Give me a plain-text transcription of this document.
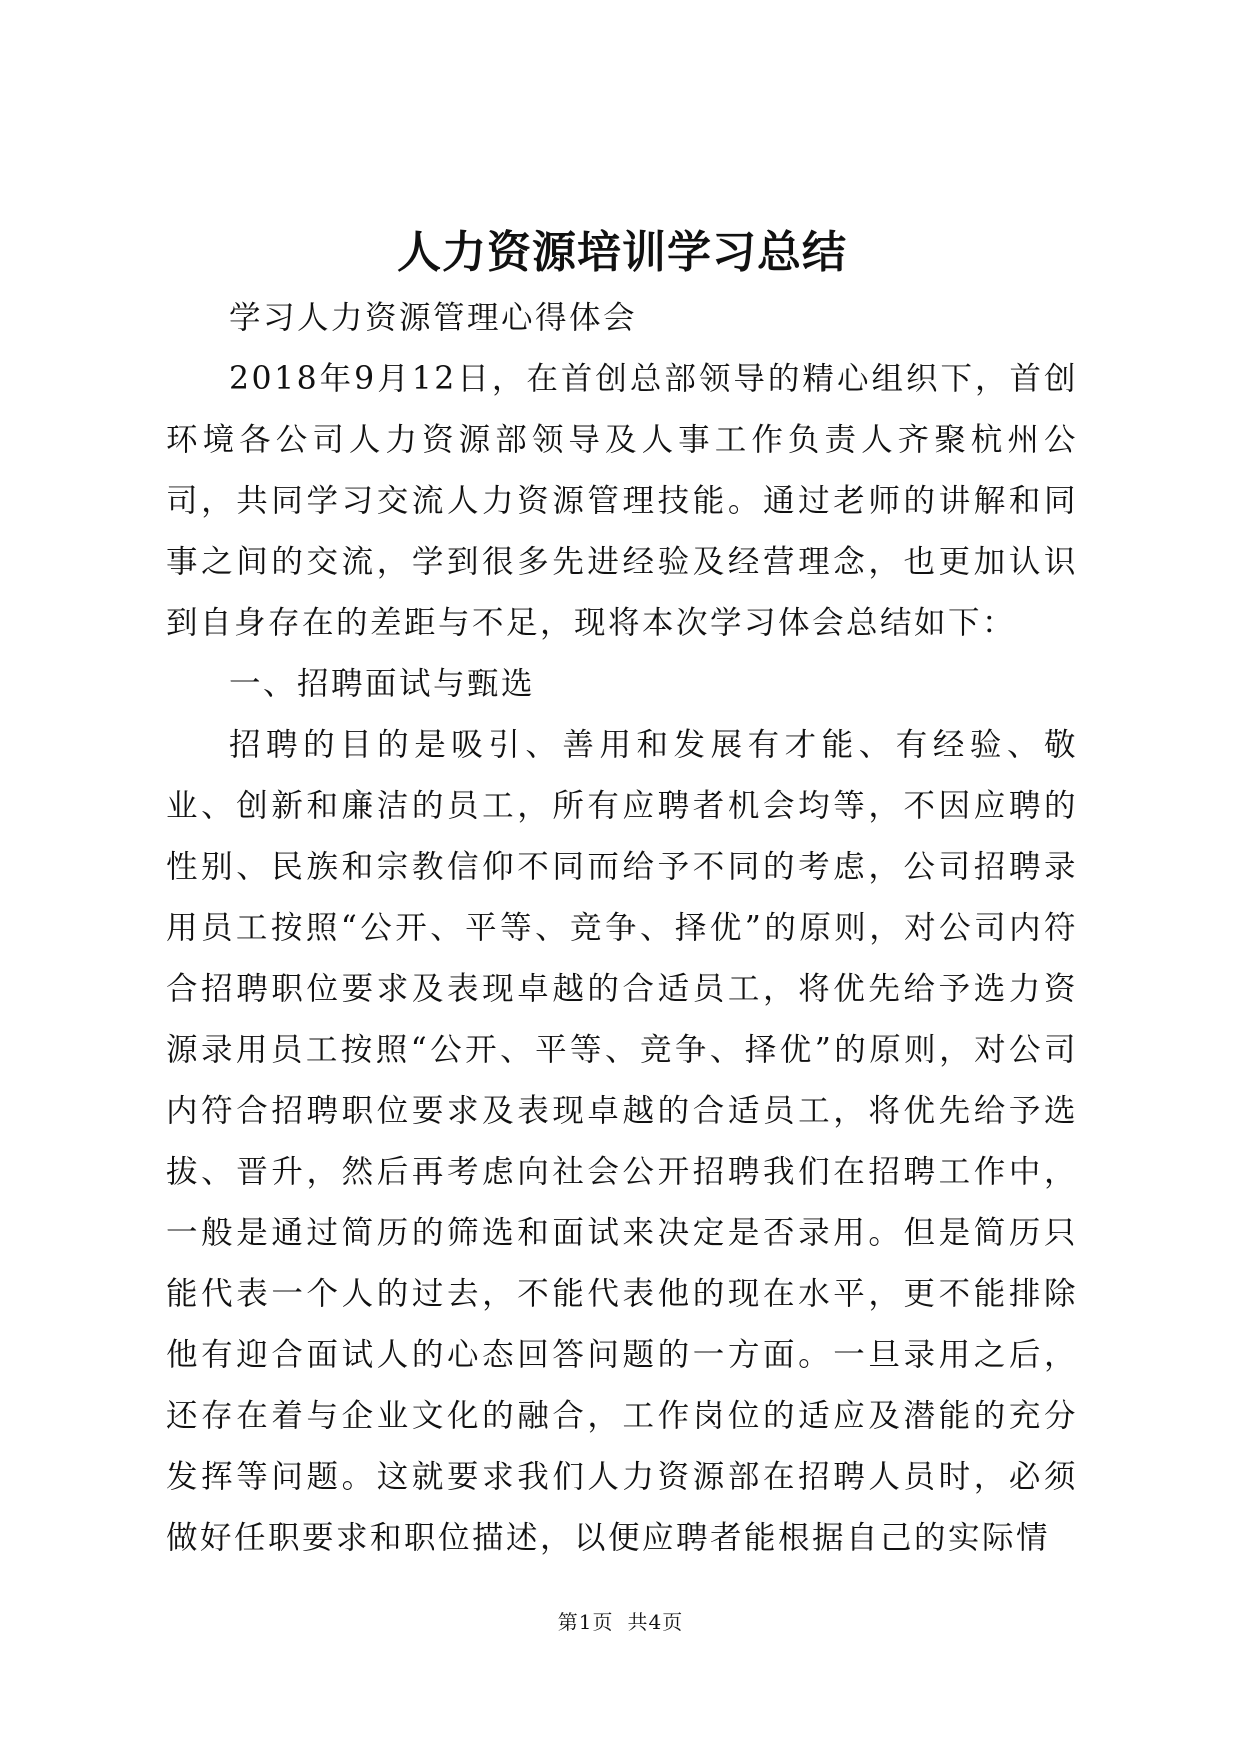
人力资源培训学习总结

学习人力资源管理心得体会

2018年9月12日，在首创总部领导的精心组织下，首创环境各公司人力资源部领导及人事工作负责人齐聚杭州公司，共同学习交流人力资源管理技能。通过老师的讲解和同事之间的交流，学到很多先进经验及经营理念，也更加认识到自身存在的差距与不足，现将本次学习体会总结如下：

一、招聘面试与甄选

招聘的目的是吸引、善用和发展有才能、有经验、敬业、创新和廉洁的员工，所有应聘者机会均等，不因应聘的性别、民族和宗教信仰不同而给予不同的考虑，公司招聘录用员工按照“公开、平等、竞争、择优”的原则，对公司内符合招聘职位要求及表现卓越的合适员工，将优先给予选力资源录用员工按照“公开、平等、竞争、择优”的原则，对公司内符合招聘职位要求及表现卓越的合适员工，将优先给予选拔、晋升，然后再考虑向社会公开招聘我们在招聘工作中，一般是通过简历的筛选和面试来决定是否录用。但是简历只能代表一个人的过去，不能代表他的现在水平，更不能排除他有迎合面试人的心态回答问题的一方面。一旦录用之后，还存在着与企业文化的融合，工作岗位的适应及潜能的充分发挥等问题。这就要求我们人力资源部在招聘人员时，必须做好任职要求和职位描述，以便应聘者能根据自己的实际情

第1页 共4页
